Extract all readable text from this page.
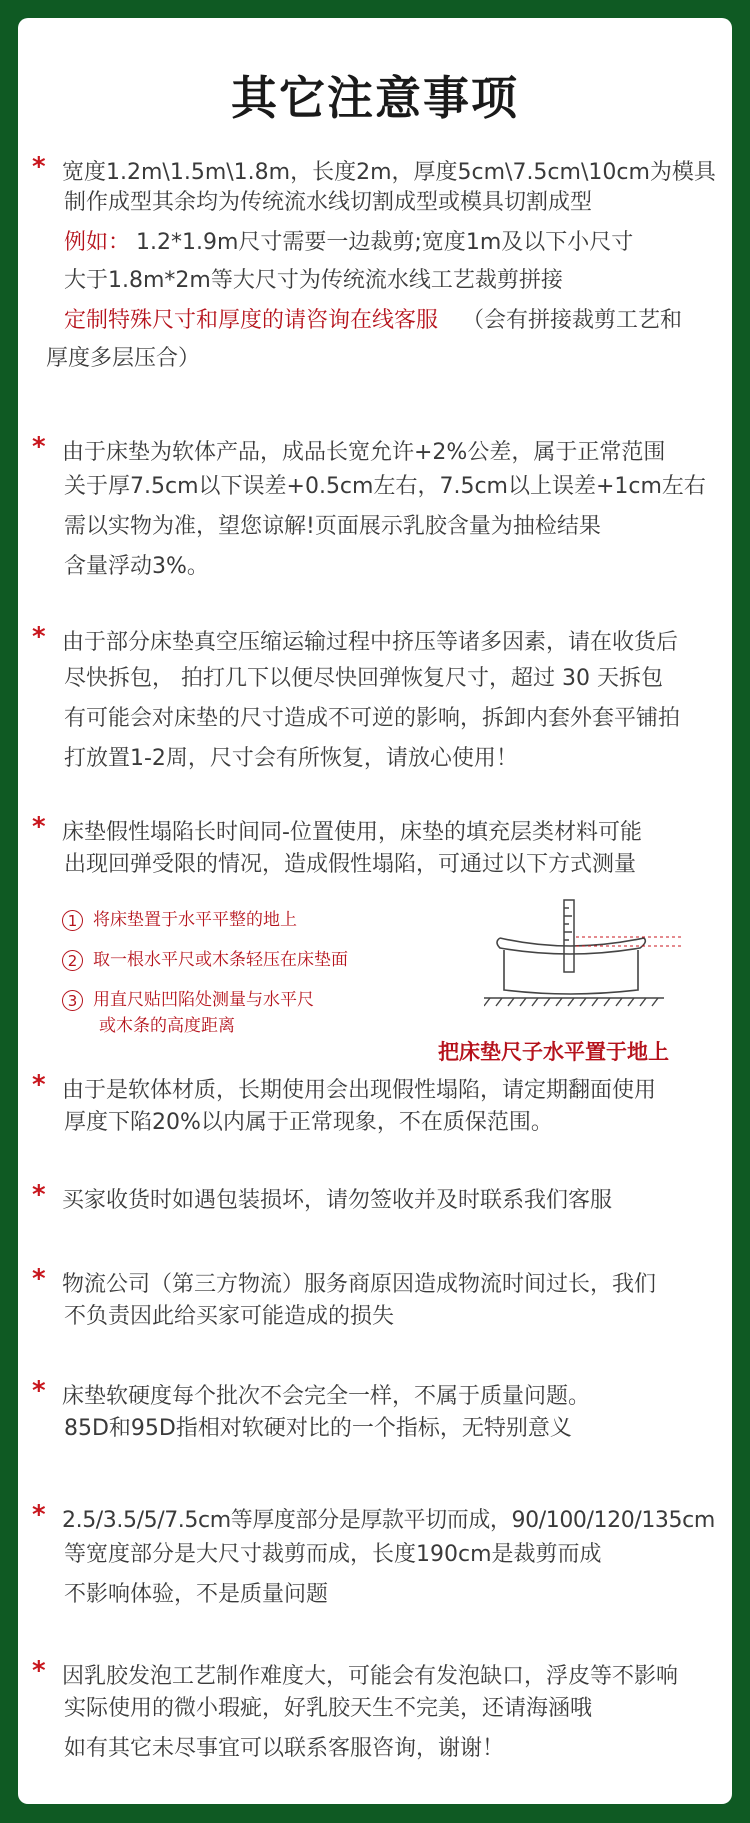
其它注意事项
* 宽度1.2m\1.5m\1.8m，长度2m，厚度5cm\7.5cm\10cm为模具
制作成型其余均为传统流水线切割成型或模具切割成型
例如： 1.2*1.9m尺寸需要一边裁剪;宽度1m及以下小尺寸
大于1.8m*2m等大尺寸为传统流水线工艺裁剪拼接
定制特殊尺寸和厚度的请咨询在线客服 （会有拼接裁剪工艺和
厚度多层压合）
* 由于床垫为软体产品，成品长宽允许+2%公差，属于正常范围
关于厚7.5cm以下误差+0.5cm左右，7.5cm以上误差+1cm左右
需以实物为准，望您谅解!页面展示乳胶含量为抽检结果
含量浮动3%。
* 由于部分床垫真空压缩运输过程中挤压等诸多因素，请在收货后
尽快拆包， 拍打几下以便尽快回弹恢复尺寸，超过 30 天拆包
有可能会对床垫的尺寸造成不可逆的影响，拆卸内套外套平铺拍
打放置1-2周，尺寸会有所恢复，请放心使用！
* 床垫假性塌陷长时间同-位置使用，床垫的填充层类材料可能
出现回弹受限的情况，造成假性塌陷，可通过以下方式测量
1 将床垫置于水平平整的地上
2 取一根水平尺或木条轻压在床垫面
3 用直尺贴凹陷处测量与水平尺
或木条的高度距离
把床垫尺子水平置于地上
* 由于是软体材质，长期使用会出现假性塌陷，请定期翻面使用
厚度下陷20%以内属于正常现象，不在质保范围。
* 买家收货时如遇包装损坏，请勿签收并及时联系我们客服
* 物流公司（第三方物流）服务商原因造成物流时间过长，我们
不负责因此给买家可能造成的损失
* 床垫软硬度每个批次不会完全一样，不属于质量问题。
85D和95D指相对软硬对比的一个指标，无特别意义
* 2.5/3.5/5/7.5cm等厚度部分是厚款平切而成，90/100/120/135cm
等宽度部分是大尺寸裁剪而成，长度190cm是裁剪而成
不影响体验，不是质量问题
* 因乳胶发泡工艺制作难度大，可能会有发泡缺口，浮皮等不影响
实际使用的微小瑕疵，好乳胶天生不完美，还请海涵哦
如有其它未尽事宜可以联系客服咨询，谢谢！
